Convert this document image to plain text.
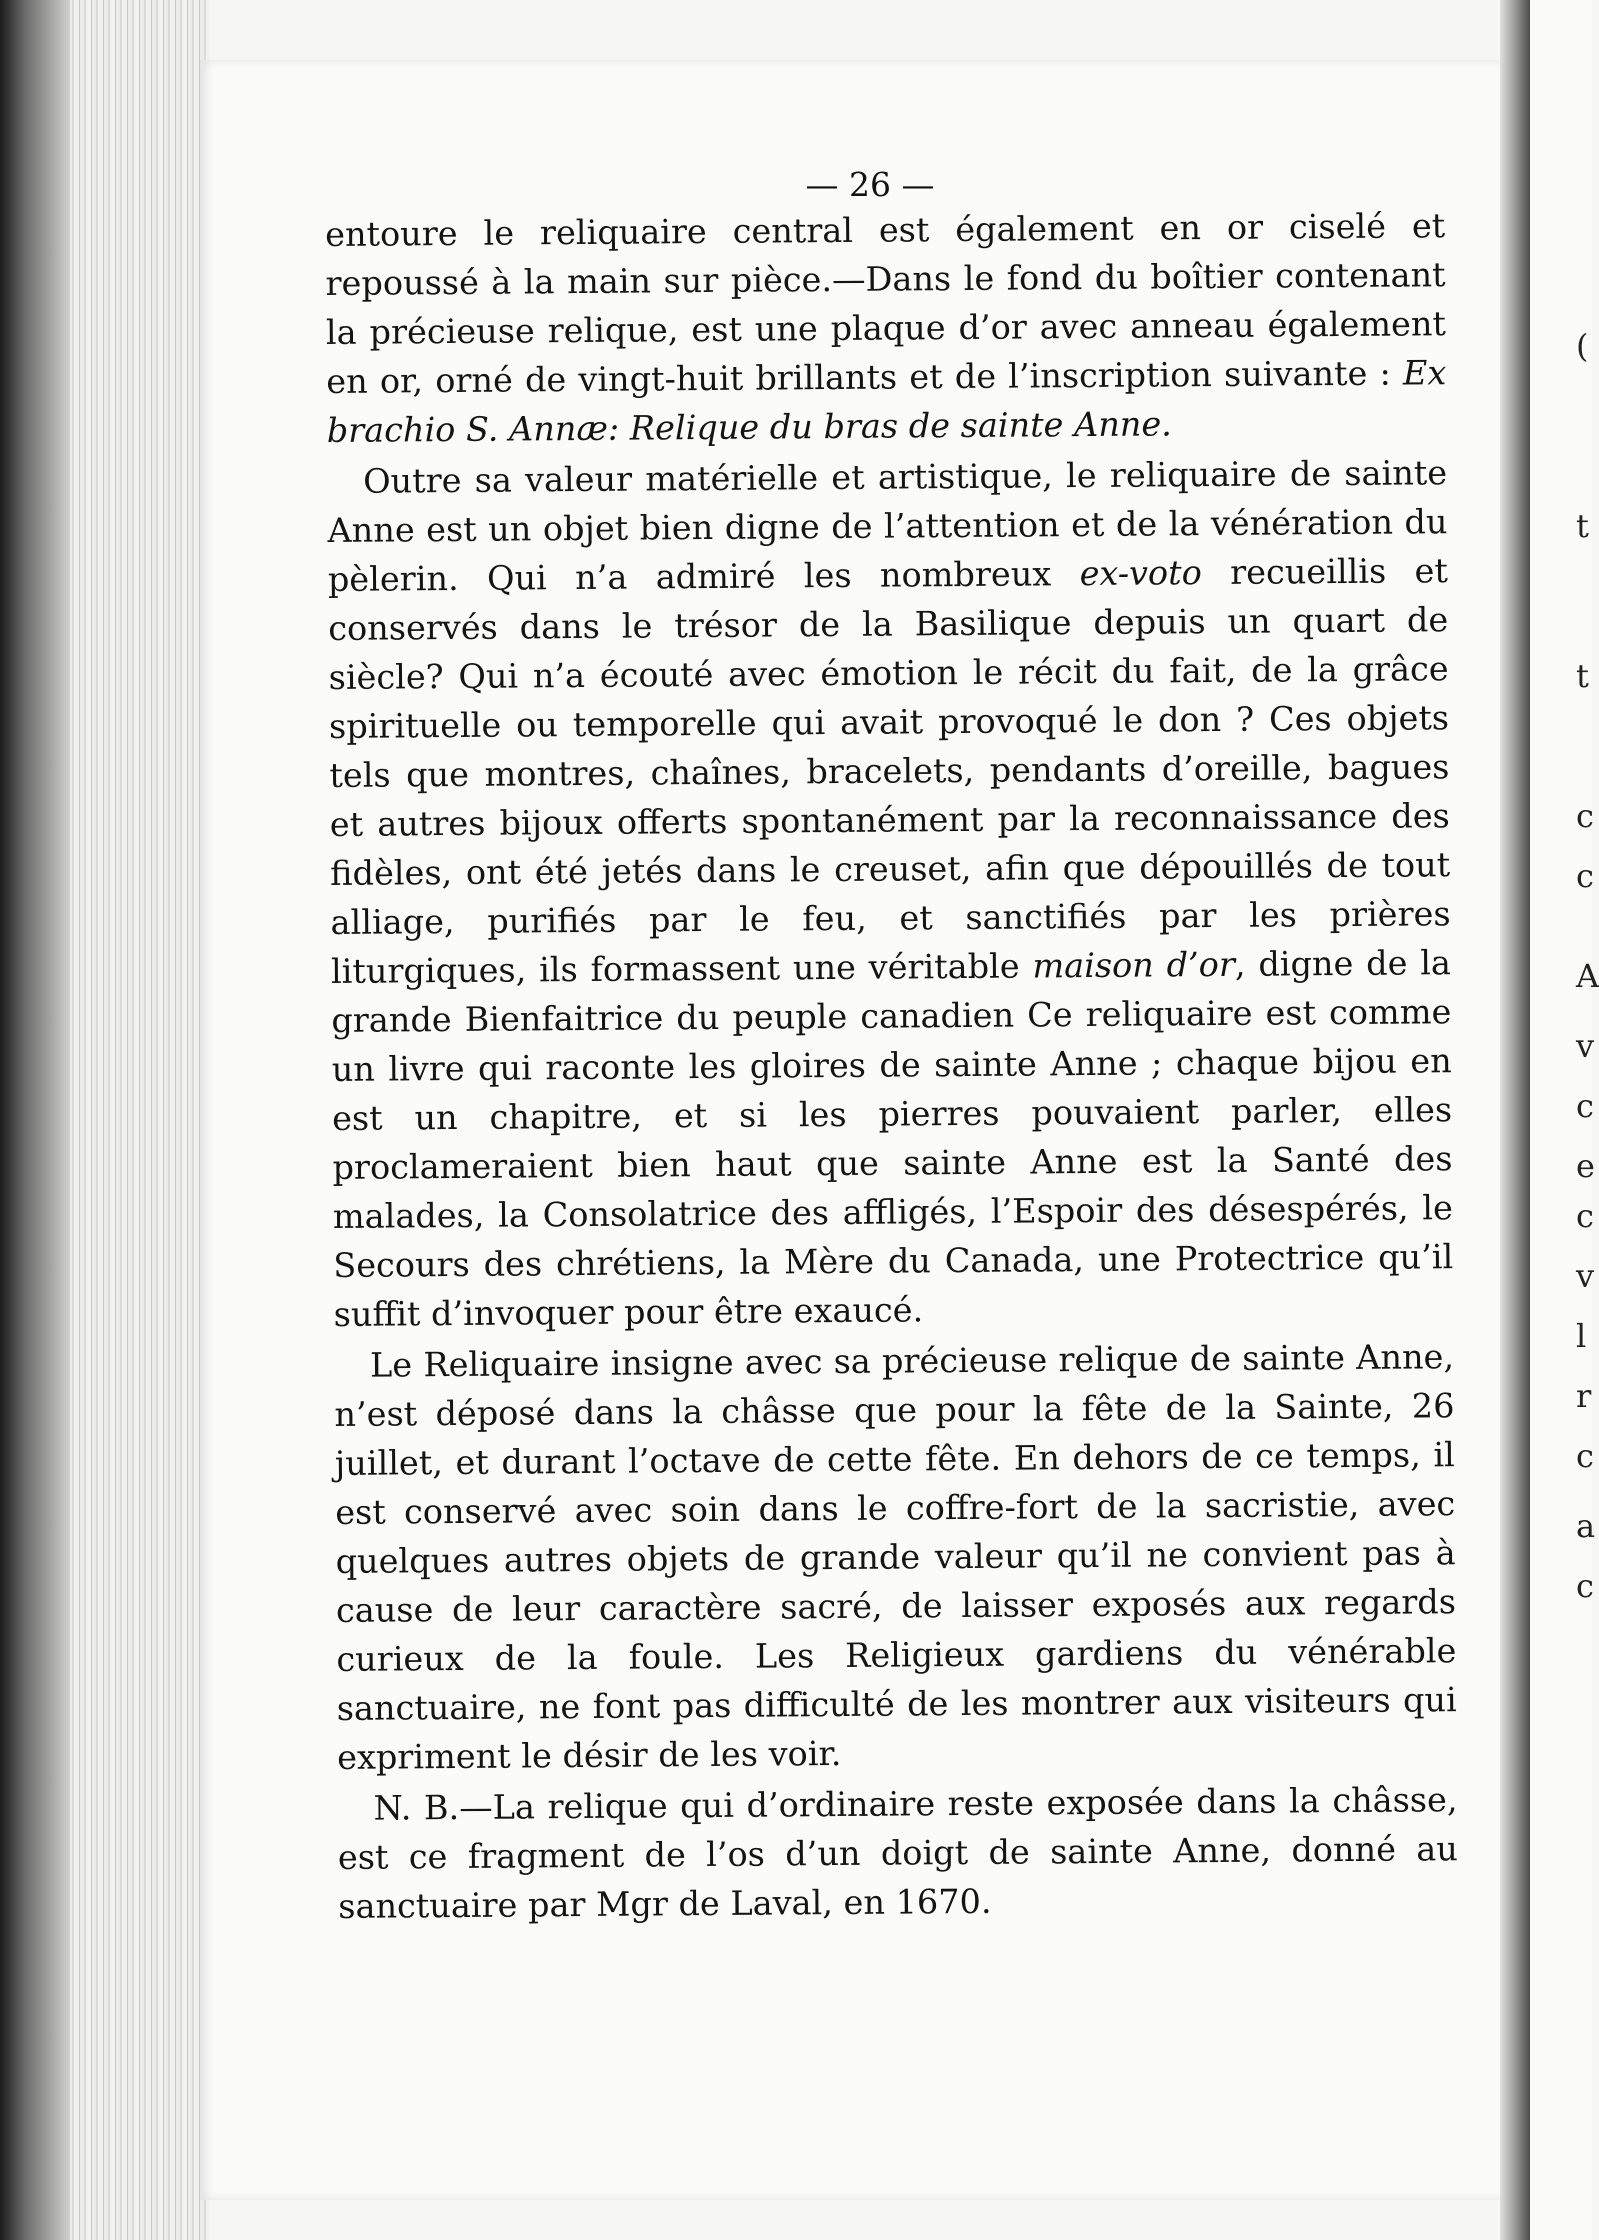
— 26 —

entoure le reliquaire central est également en or ciselé et repoussé à la main sur pièce.—Dans le fond du boîtier contenant la précieuse relique, est une plaque d’or avec anneau également en or, orné de vingt-huit brillants et de l’inscription suivante : Ex brachio S. Annæ: Relique du bras de sainte Anne.

Outre sa valeur matérielle et artistique, le reliquaire de sainte Anne est un objet bien digne de l’attention et de la vénération du pèlerin. Qui n’a admiré les nombreux ex-voto recueillis et conservés dans le trésor de la Basilique depuis un quart de siècle? Qui n’a écouté avec émotion le récit du fait, de la grâce spirituelle ou temporelle qui avait provoqué le don ? Ces objets tels que montres, chaînes, bracelets, pendants d’oreille, bagues et autres bijoux offerts spontanément par la reconnaissance des fidèles, ont été jetés dans le creuset, afin que dépouillés de tout alliage, purifiés par le feu, et sanctifiés par les prières liturgiques, ils formassent une véritable maison d’or, digne de la grande Bienfaitrice du peuple canadien Ce reliquaire est comme un livre qui raconte les gloires de sainte Anne ; chaque bijou en est un chapitre, et si les pierres pouvaient parler, elles proclameraient bien haut que sainte Anne est la Santé des malades, la Consolatrice des affligés, l’Espoir des désespérés, le Secours des chrétiens, la Mère du Canada, une Protectrice qu’il suffit d’invoquer pour être exaucé.

Le Reliquaire insigne avec sa précieuse relique de sainte Anne, n’est déposé dans la châsse que pour la fête de la Sainte, 26 juillet, et durant l’octave de cette fête. En dehors de ce temps, il est conservé avec soin dans le coffre-fort de la sacristie, avec quelques autres objets de grande valeur qu’il ne convient pas à cause de leur caractère sacré, de laisser exposés aux regards curieux de la foule. Les Religieux gardiens du vénérable sanctuaire, ne font pas difficulté de les montrer aux visiteurs qui expriment le désir de les voir.

N. B.—La relique qui d’ordinaire reste exposée dans la châsse, est ce fragment de l’os d’un doigt de sainte Anne, donné au sanctuaire par Mgr de Laval, en 1670.

(
t
t
c
c
A
v
c
e
c
v
l
r
c
a
c
